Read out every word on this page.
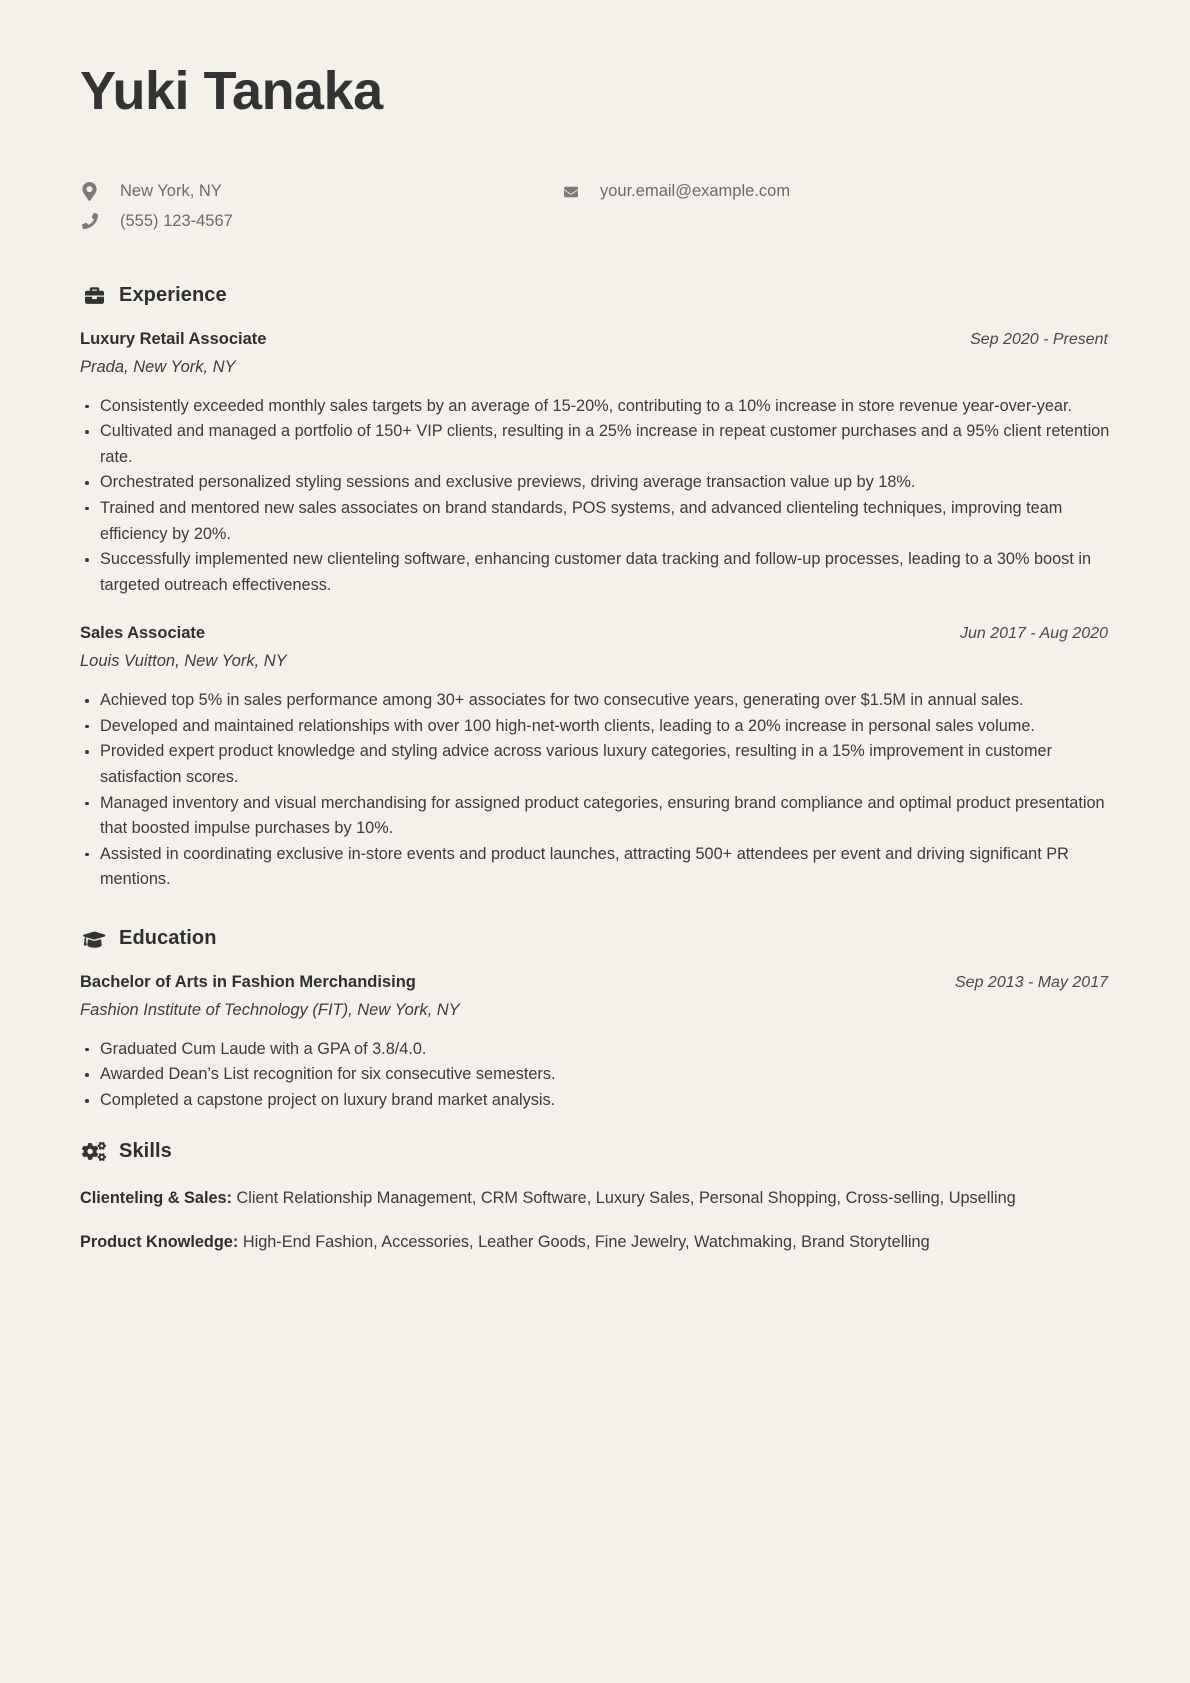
Yuki Tanaka
New York, NY
(555) 123-4567
your.email@example.com
Experience
Luxury Retail Associate	Sep 2020 - Present
Prada, New York, NY
Consistently exceeded monthly sales targets by an average of 15-20%, contributing to a 10% increase in store revenue year-over-year.
Cultivated and managed a portfolio of 150+ VIP clients, resulting in a 25% increase in repeat customer purchases and a 95% client retention rate.
Orchestrated personalized styling sessions and exclusive previews, driving average transaction value up by 18%.
Trained and mentored new sales associates on brand standards, POS systems, and advanced clienteling techniques, improving team efficiency by 20%.
Successfully implemented new clienteling software, enhancing customer data tracking and follow-up processes, leading to a 30% boost in targeted outreach effectiveness.
Sales Associate	Jun 2017 - Aug 2020
Louis Vuitton, New York, NY
Achieved top 5% in sales performance among 30+ associates for two consecutive years, generating over $1.5M in annual sales.
Developed and maintained relationships with over 100 high-net-worth clients, leading to a 20% increase in personal sales volume.
Provided expert product knowledge and styling advice across various luxury categories, resulting in a 15% improvement in customer satisfaction scores.
Managed inventory and visual merchandising for assigned product categories, ensuring brand compliance and optimal product presentation that boosted impulse purchases by 10%.
Assisted in coordinating exclusive in-store events and product launches, attracting 500+ attendees per event and driving significant PR mentions.
Education
Bachelor of Arts in Fashion Merchandising	Sep 2013 - May 2017
Fashion Institute of Technology (FIT), New York, NY
Graduated Cum Laude with a GPA of 3.8/4.0.
Awarded Dean’s List recognition for six consecutive semesters.
Completed a capstone project on luxury brand market analysis.
Skills
Clienteling & Sales: Client Relationship Management, CRM Software, Luxury Sales, Personal Shopping, Cross-selling, Upselling
Product Knowledge: High-End Fashion, Accessories, Leather Goods, Fine Jewelry, Watchmaking, Brand Storytelling
